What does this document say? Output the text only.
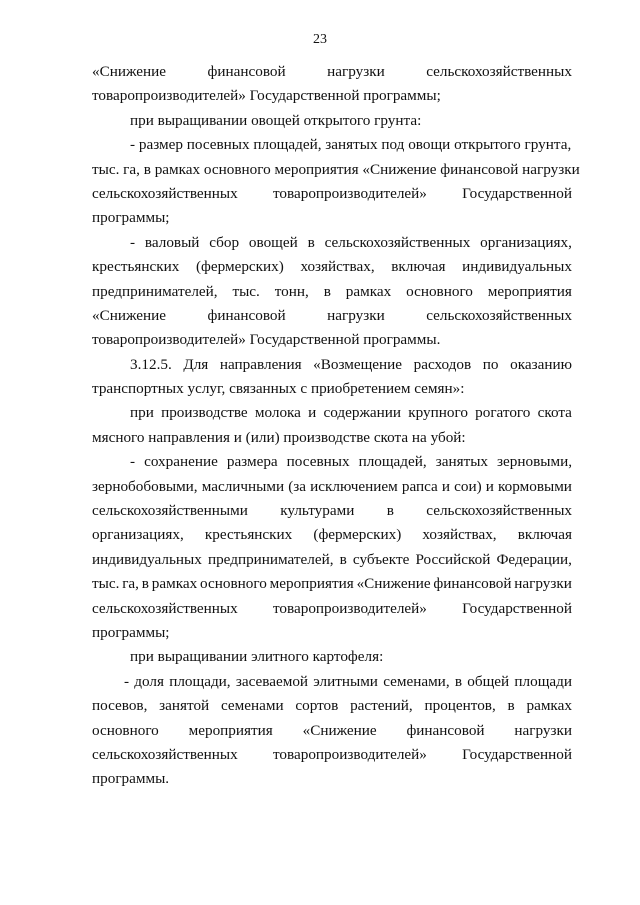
23
«Снижение	финансовой	нагрузки	сельскохозяйственных
товаропроизводителей» Государственной программы;
при выращивании овощей открытого грунта:
- размер посевных площадей, занятых под овощи открытого грунта,
тыс. га, в рамках основного мероприятия «Снижение финансовой нагрузки
сельскохозяйственных товаропроизводителей» Государственной
программы;
- валовый сбор овощей в сельскохозяйственных организациях,
крестьянских (фермерских) хозяйствах, включая индивидуальных
предпринимателей, тыс. тонн, в рамках основного мероприятия
«Снижение	финансовой	нагрузки	сельскохозяйственных
товаропроизводителей» Государственной программы.
3.12.5. Для направления «Возмещение расходов по оказанию
транспортных услуг, связанных с приобретением семян»:
при производстве молока и содержании крупного рогатого скота
мясного направления и (или) производстве скота на убой:
- сохранение размера посевных площадей, занятых зерновыми,
зернобобовыми, масличными (за исключением рапса и сои) и кормовыми
сельскохозяйственными культурами в сельскохозяйственных
организациях, крестьянских (фермерских) хозяйствах, включая
индивидуальных предпринимателей, в субъекте Российской Федерации,
тыс. га, в рамках основного мероприятия «Снижение финансовой нагрузки
сельскохозяйственных товаропроизводителей» Государственной
программы;
при выращивании элитного картофеля:
- доля площади, засеваемой элитными семенами, в общей площади
посевов, занятой семенами сортов растений, процентов, в рамках
основного мероприятия «Снижение финансовой нагрузки
сельскохозяйственных товаропроизводителей» Государственной
программы.
